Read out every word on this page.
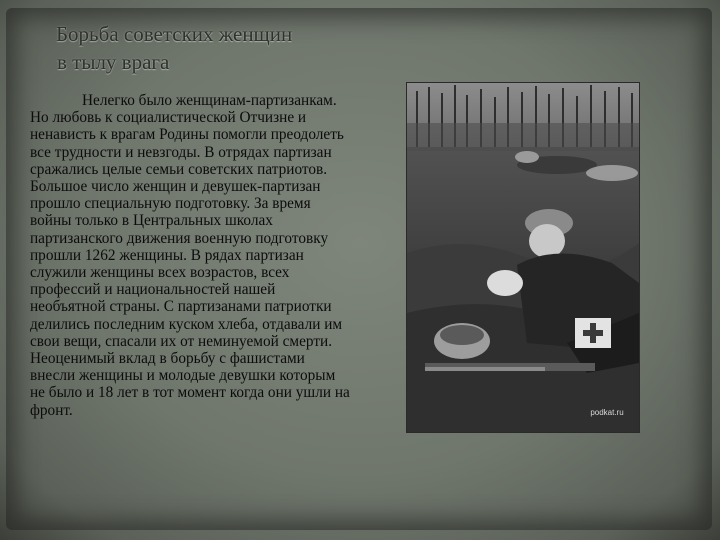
Борьба советских женщин
в тылу врага

Нелегко было женщинам-партизанкам. Но любовь к социалистической Отчизне и ненависть к врагам Родины помогли преодолеть все трудности и невзгоды. В отрядах партизан сражались целые семьи советских патриотов. Большое число женщин и девушек-партизан прошло специальную подготовку. За время войны только в Центральных школах партизанского движения военную подготовку прошли 1262 женщины. В рядах партизан служили женщины всех возрастов, всех профессий и национальностей нашей необъятной страны. С партизанами патриотки делились последним куском хлеба, отдавали им свои вещи, спасали их от неминуемой смерти. Неоценимый вклад в борьбу с фашистами внесли женщины и молодые девушки которым не было и 18 лет в тот момент когда они ушли на фронт.	podkat.ru
